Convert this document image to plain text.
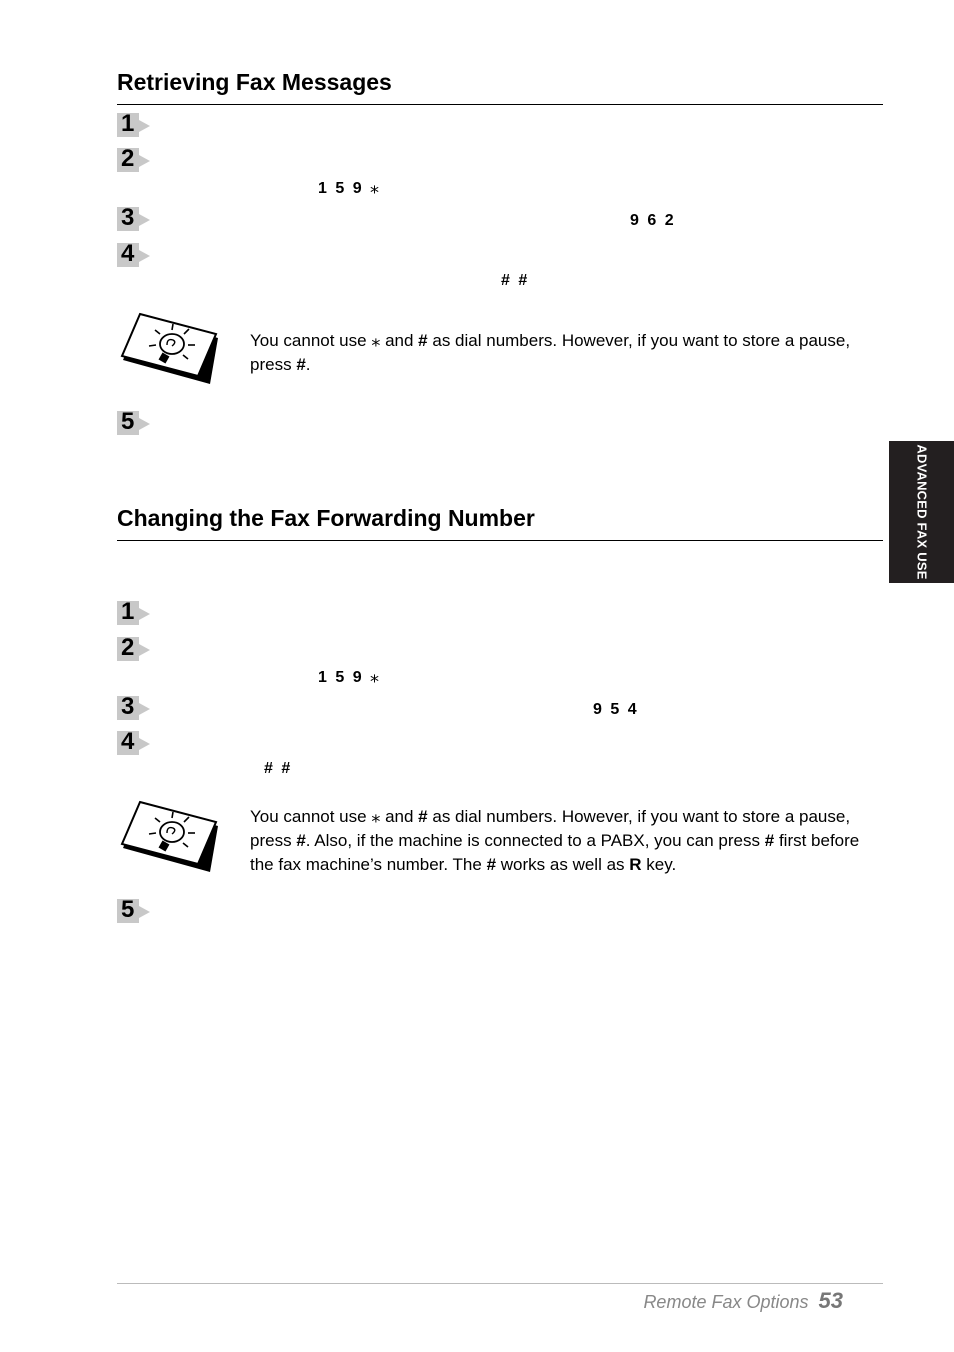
Retrieving Fax Messages
1
2
1 5 9 ⁎
3	9 6 2
4
# #
You cannot use ⁎ and # as dial numbers. However, if you want to store a pause, press #.
5
Changing the Fax Forwarding Number
1
2
1 5 9 ⁎
3	9 5 4
4
# #
You cannot use ⁎ and # as dial numbers. However, if you want to store a pause, press #. Also, if the machine is connected to a PABX, you can press # first before the fax machine’s number. The # works as well as R key.
5
ADVANCED FAX USE
Remote Fax Options 53
